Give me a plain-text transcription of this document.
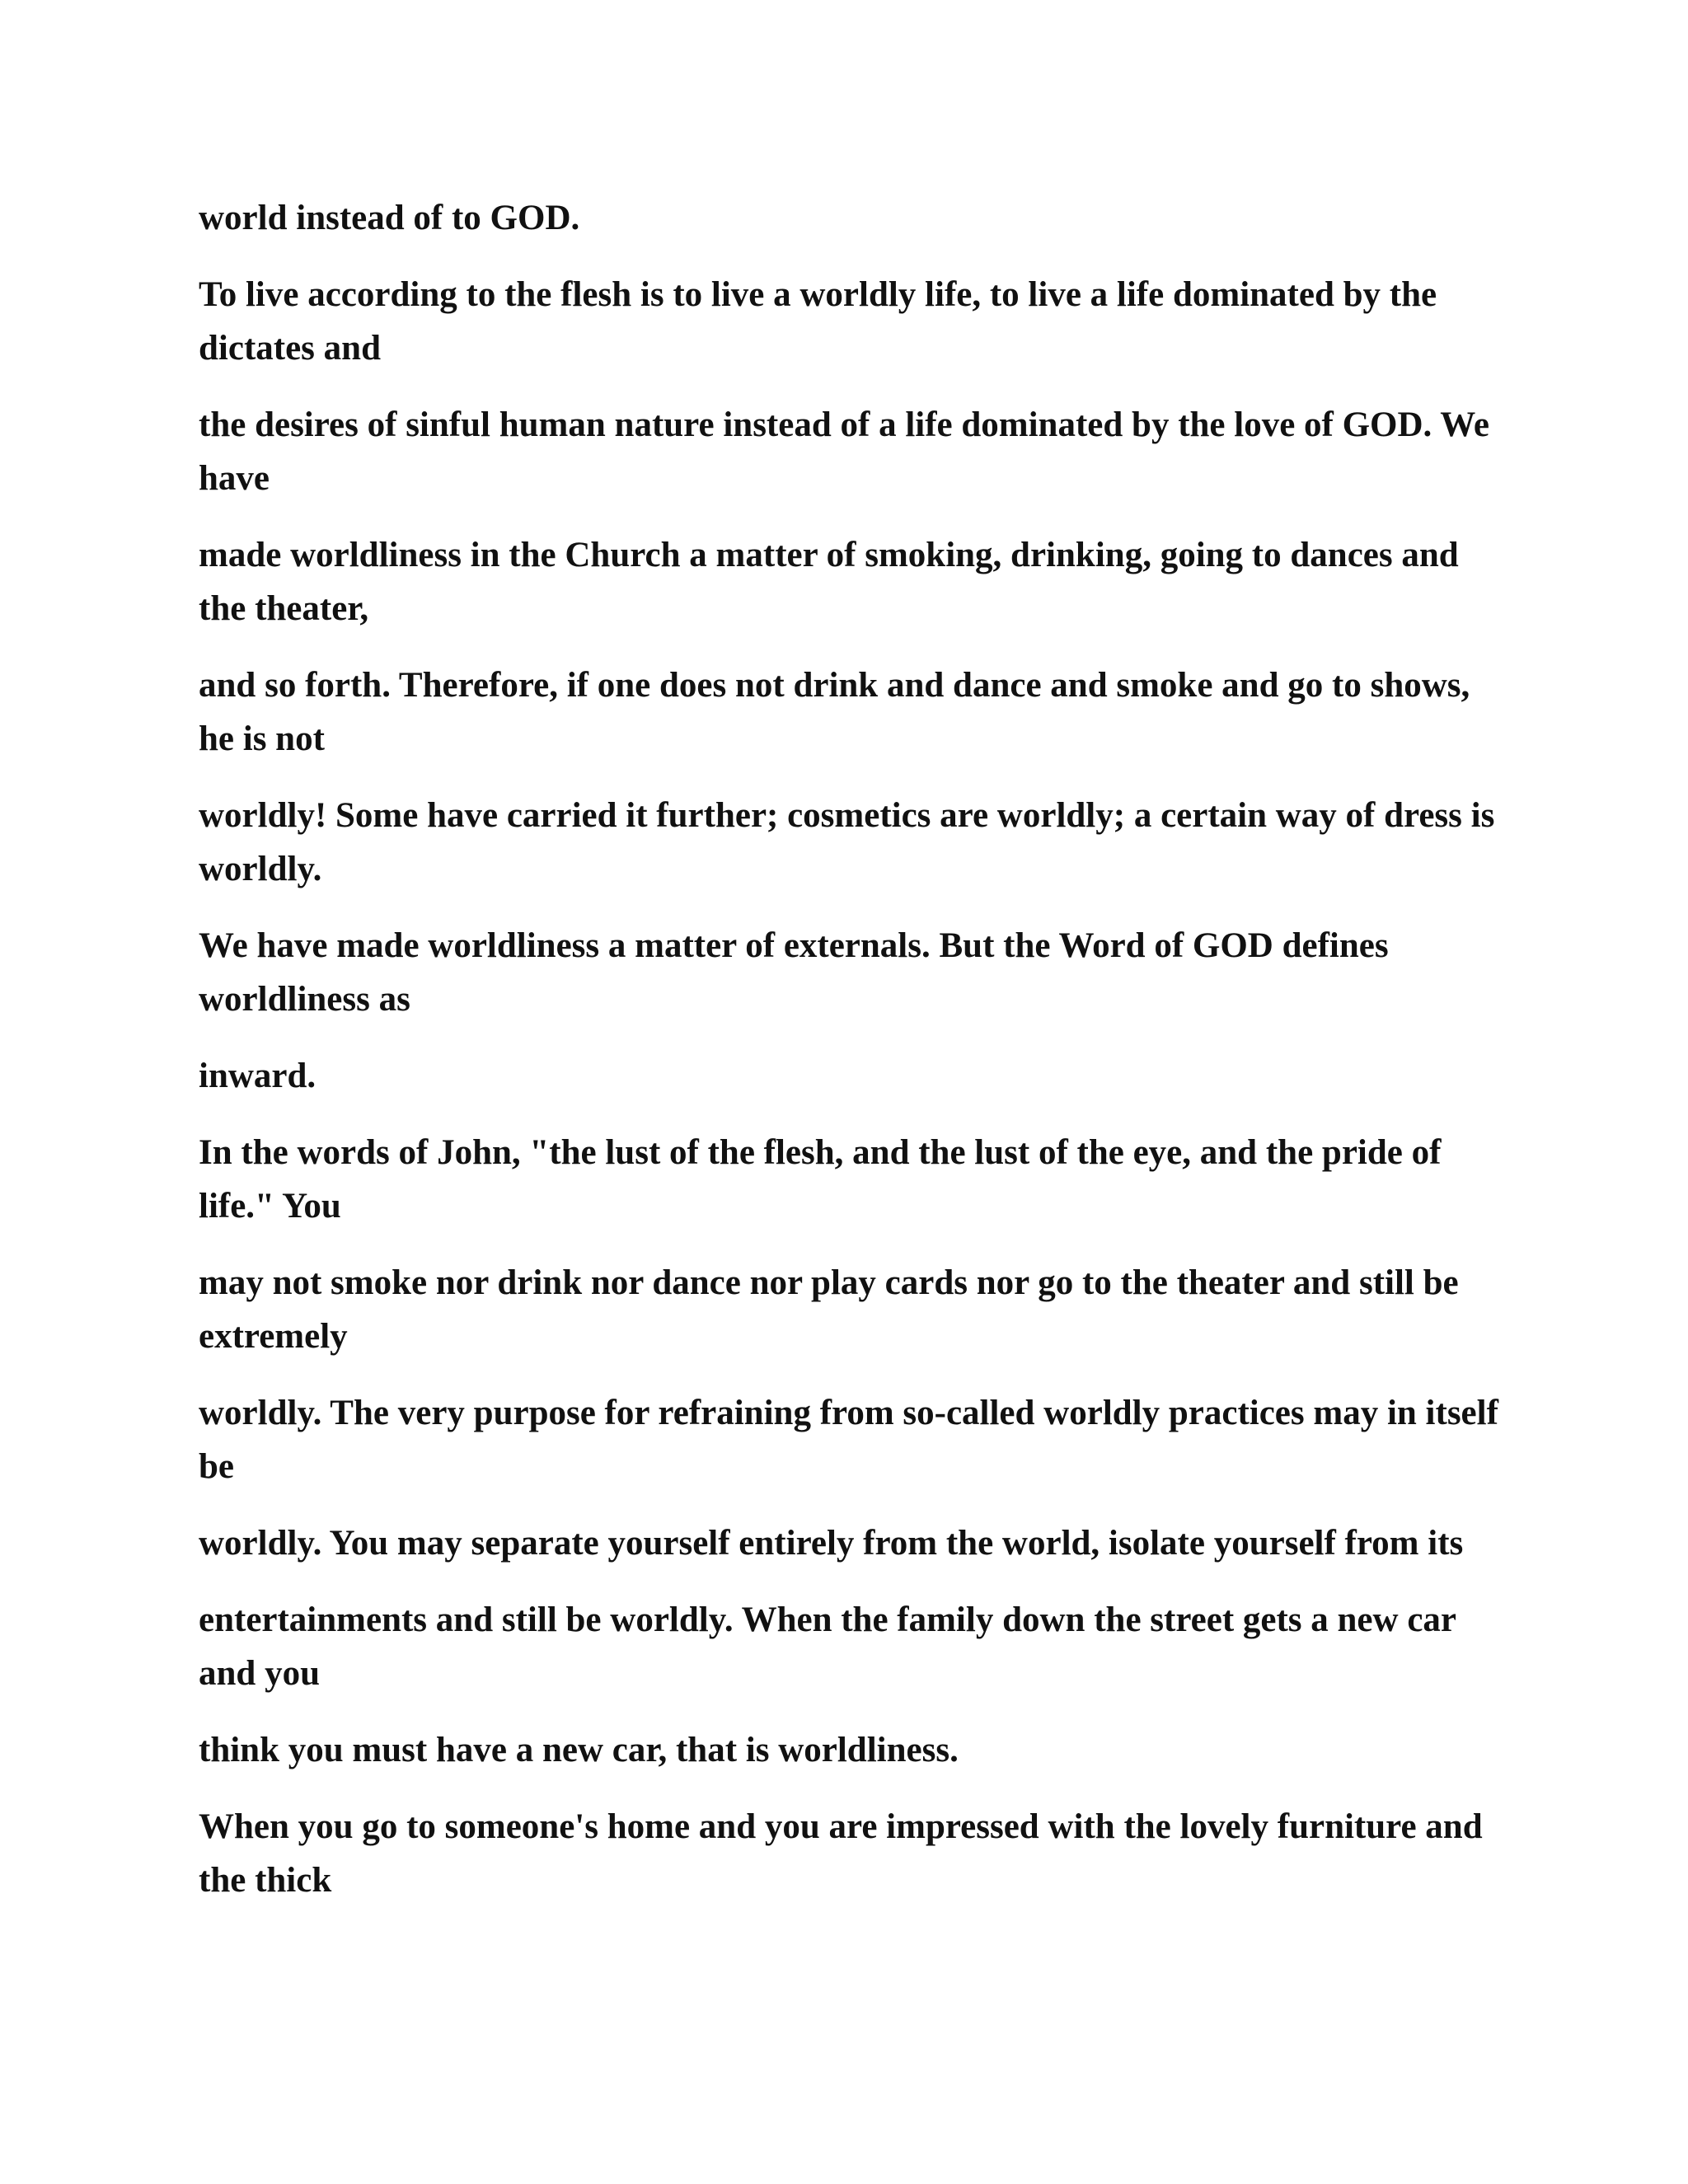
world instead of to GOD.

To live according to the flesh is to live a worldly life, to live a life dominated by the dictates and

the desires of sinful human nature instead of a life dominated by the love of GOD. We have

made worldliness in the Church a matter of smoking, drinking, going to dances and the theater,

and so forth. Therefore, if one does not drink and dance and smoke and go to shows, he is not

worldly! Some have carried it further; cosmetics are worldly; a certain way of dress is worldly.

We have made worldliness a matter of externals. But the Word of GOD defines worldliness as

inward.

In the words of John, "the lust of the flesh, and the lust of the eye, and the pride of life." You

may not smoke nor drink nor dance nor play cards nor go to the theater and still be extremely

worldly. The very purpose for refraining from so-called worldly practices may in itself be

worldly. You may separate yourself entirely from the world, isolate yourself from its

entertainments and still be worldly. When the family down the street gets a new car and you

think you must have a new car, that is worldliness.

When you go to someone's home and you are impressed with the lovely furniture and the thick
